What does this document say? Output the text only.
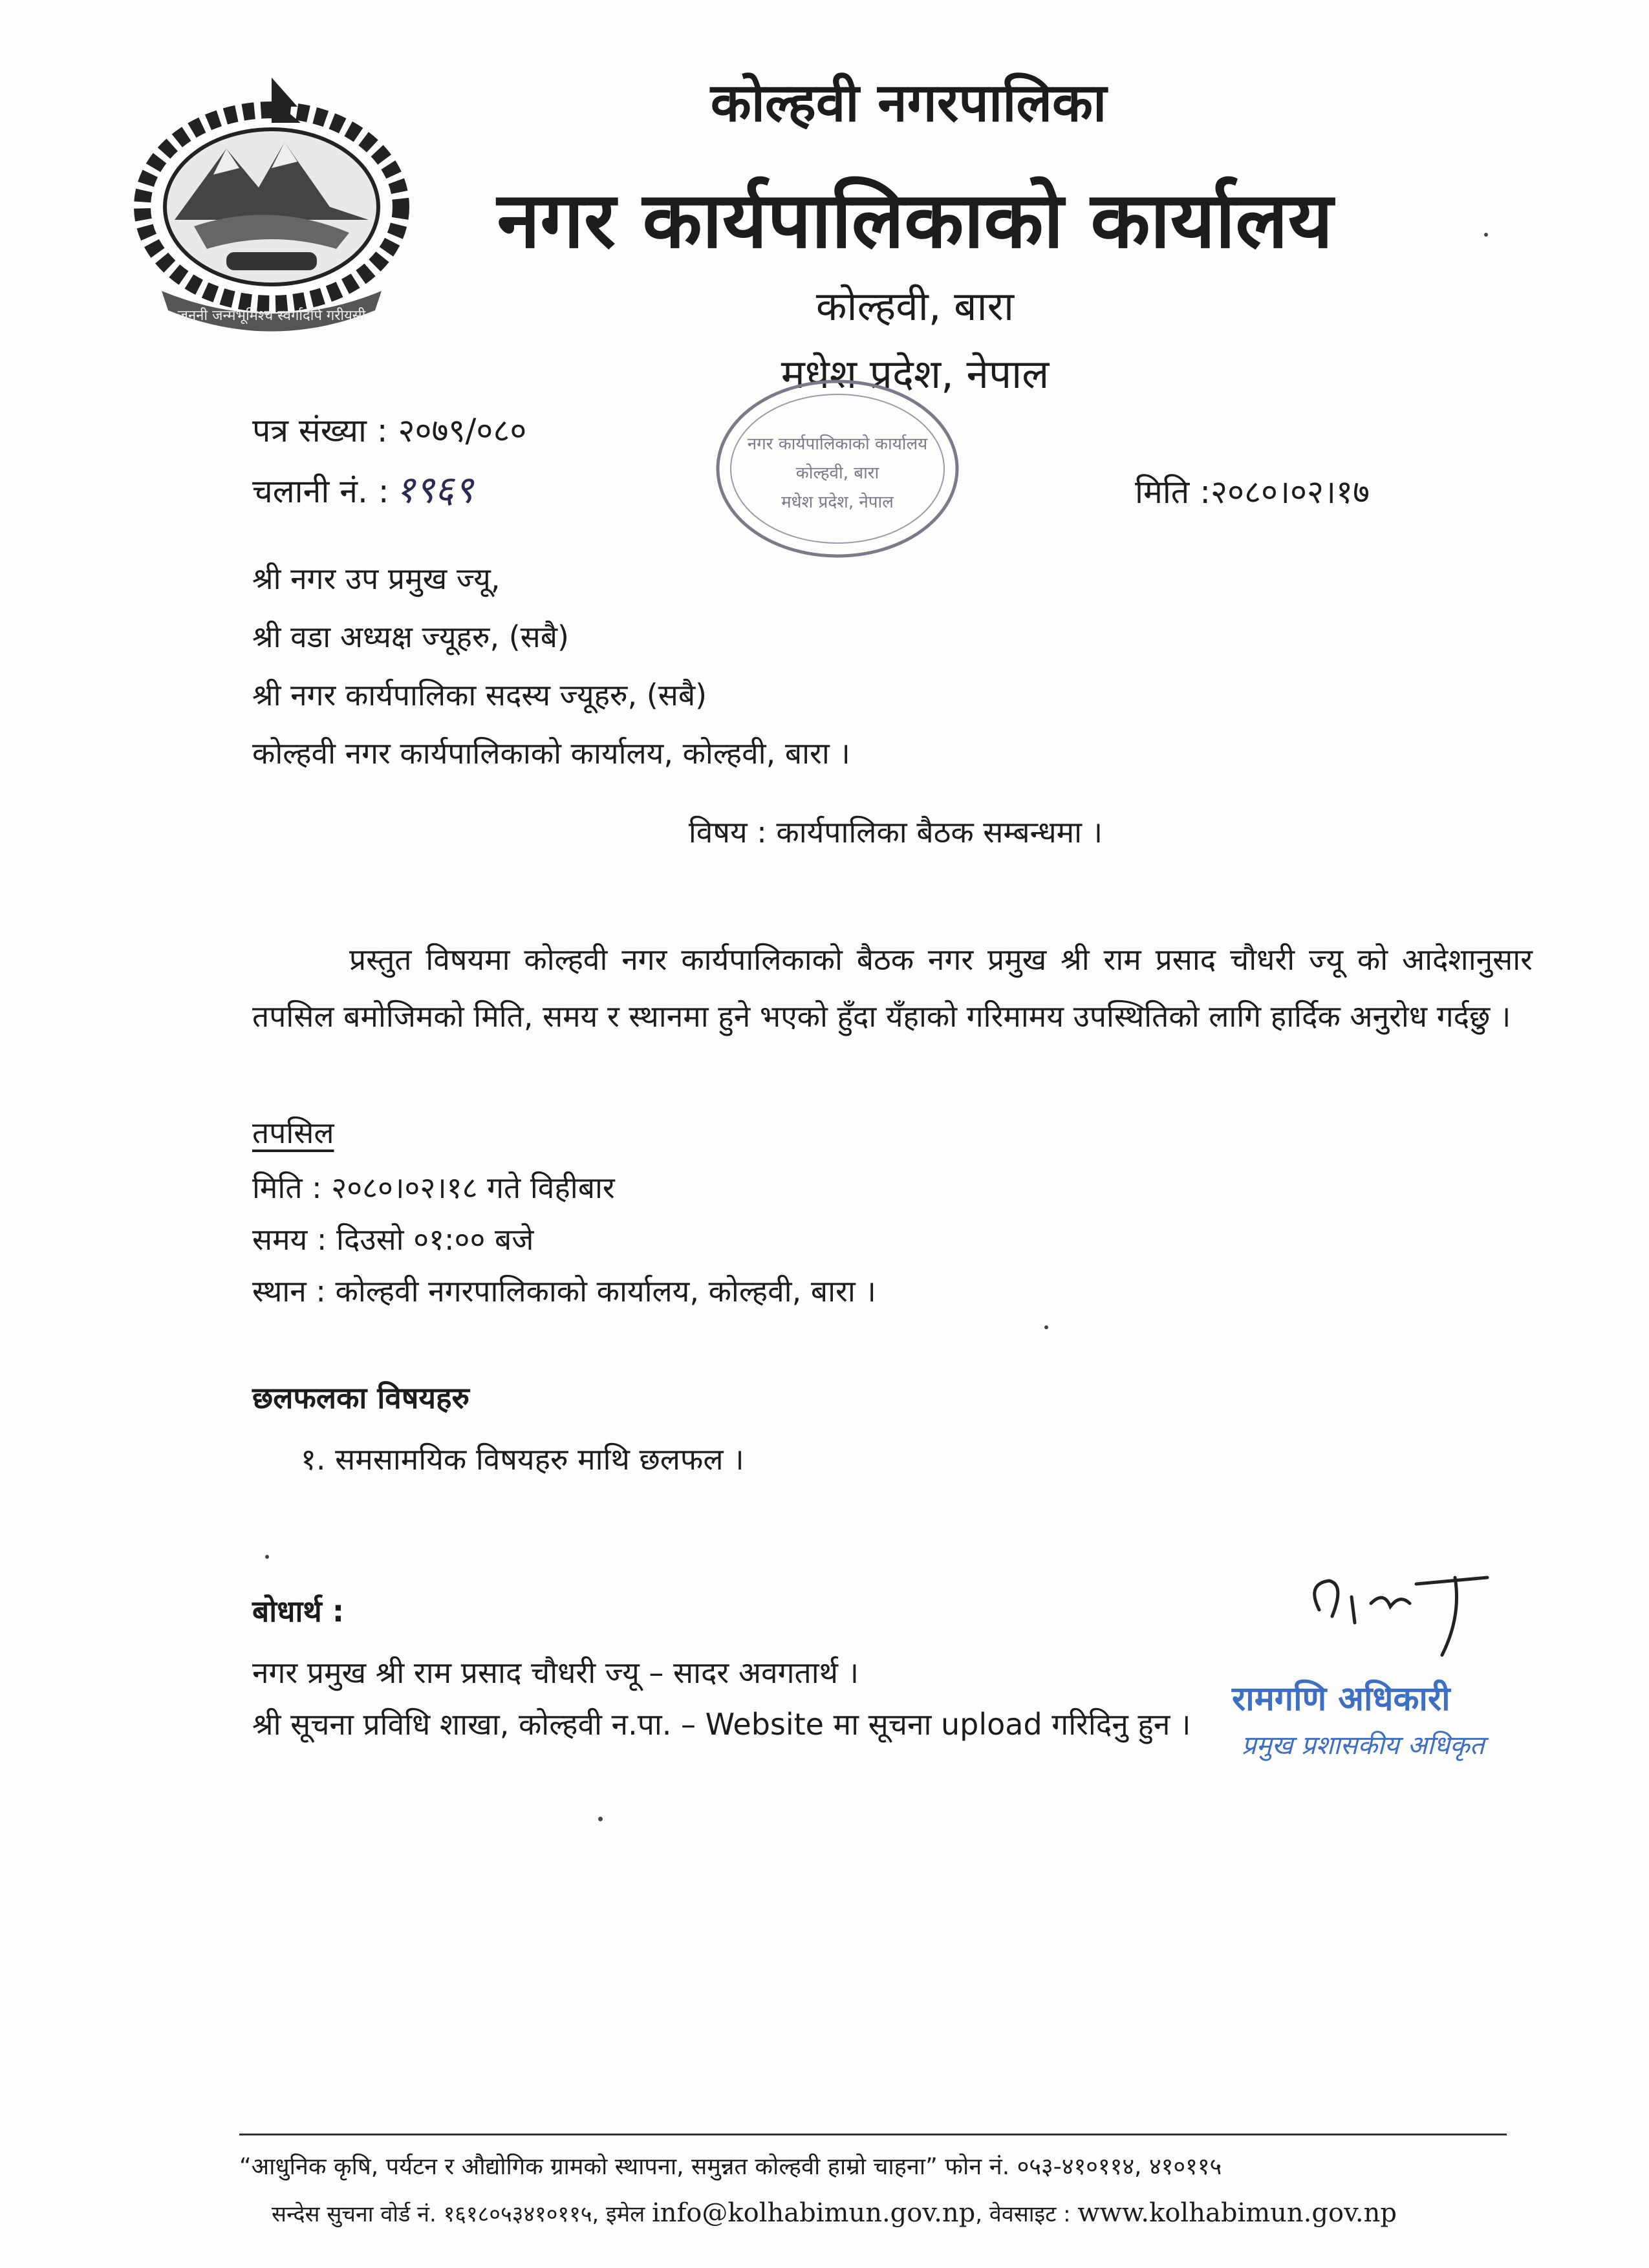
जननी जन्मभूमिश्च स्वर्गादपि गरीयसी
कोल्हवी नगरपालिका
नगर कार्यपालिकाको कार्यालय
कोल्हवी, बारा
मधेश प्रदेश, नेपाल
पत्र संख्या : २०७९/०८०
चलानी नं. : १९६९	मिति :२०८०।०२।१७
नगर कार्यपालिकाको कार्यालय
कोल्हवी, बारा
मधेश प्रदेश, नेपाल
श्री नगर उप प्रमुख ज्यू,
श्री वडा अध्यक्ष ज्यूहरु, (सबै)
श्री नगर कार्यपालिका सदस्य ज्यूहरु, (सबै)
कोल्हवी नगर कार्यपालिकाको कार्यालय, कोल्हवी, बारा ।
विषय : कार्यपालिका बैठक सम्बन्धमा ।
प्रस्तुत विषयमा कोल्हवी नगर कार्यपालिकाको बैठक नगर प्रमुख श्री राम प्रसाद चौधरी ज्यू को आदेशानुसार तपसिल बमोजिमको मिति, समय र स्थानमा हुने भएको हुँदा यँहाको गरिमामय उपस्थितिको लागि हार्दिक अनुरोध गर्दछु ।
तपसिल
मिति : २०८०।०२।१८ गते विहीबार
समय : दिउसो ०१:०० बजे
स्थान : कोल्हवी नगरपालिकाको कार्यालय, कोल्हवी, बारा ।
छलफलका विषयहरु
१. समसामयिक विषयहरु माथि छलफल ।
बोधार्थ :
नगर प्रमुख श्री राम प्रसाद चौधरी ज्यू – सादर अवगतार्थ ।
श्री सूचना प्रविधि शाखा, कोल्हवी न.पा. – Website मा सूचना upload गरिदिनु हुन ।
रामगणि अधिकारी
प्रमुख प्रशासकीय अधिकृत
“आधुनिक कृषि, पर्यटन र औद्योगिक ग्रामको स्थापना, समुन्नत कोल्हवी हाम्रो चाहना” फोन नं. ०५३-४१०११४, ४१०११५
सन्देस सुचना वोर्ड नं. १६१८०५३४१०११५, इमेल info@kolhabimun.gov.np, वेवसाइट : www.kolhabimun.gov.np
